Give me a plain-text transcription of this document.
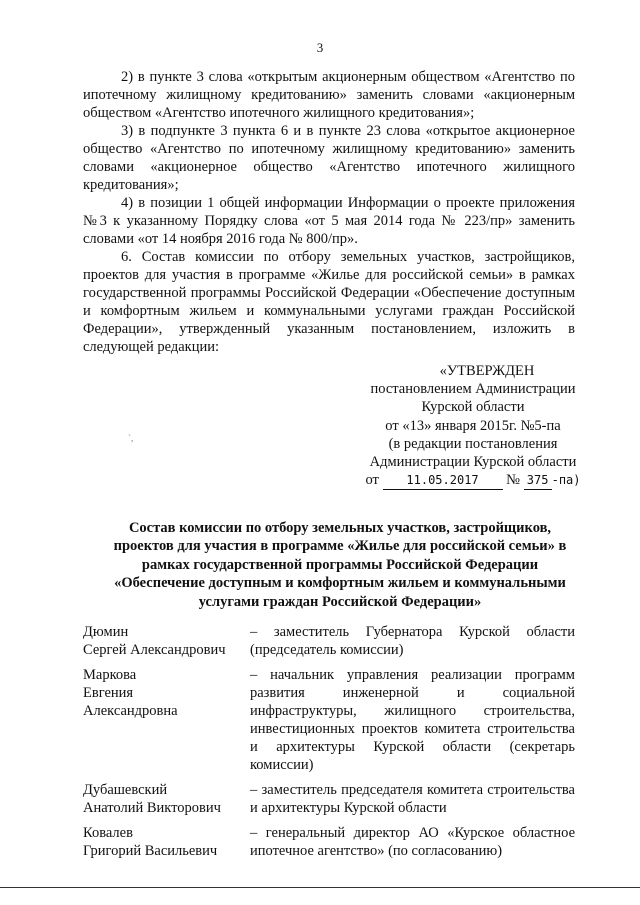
3

2) в пункте 3 слова «открытым акционерным обществом «Агентство по ипотечному жилищному кредитованию» заменить словами «акционерным обществом «Агентство ипотечного жилищного кредитования»;

3) в подпункте 3 пункта 6 и в пункте 23 слова «открытое акционерное общество «Агентство по ипотечному жилищному кредитованию» заменить словами «акционерное общество «Агентство ипотечного жилищного кредитования»;

4) в позиции 1 общей информации Информации о проекте приложения №3 к указанному Порядку слова «от 5 мая 2014 года № 223/пр» заменить словами «от 14 ноября 2016 года № 800/пр».

6. Состав комиссии по отбору земельных участков, застройщиков, проектов для участия в программе «Жилье для российской семьи» в рамках государственной программы Российской Федерации «Обеспечение доступным и комфортным жильем и коммунальными услугами граждан Российской Федерации», утвержденный указанным постановлением, изложить в следующей редакции:

`,
«УТВЕРЖДЕН
постановлением Администрации
Курской области
от «13» января 2015г. №5-па
(в редакции постановления
Администрации Курской области
от 11.05.2017 № 375 -па)
Состав комиссии по отбору земельных участков, застройщиков, проектов для участия в программе «Жилье для российской семьи» в рамках государственной программы Российской Федерации «Обеспечение доступным и комфортным жильем и коммунальными услугами граждан Российской Федерации»
Дюмин
Сергей Александрович
– заместитель Губернатора Курской области (председатель комиссии)
Маркова
Евгения
Александровна
– начальник управления реализации программ развития инженерной и социальной инфраструктуры, жилищного строительства, инвестиционных проектов комитета строительства и архитектуры Курской области (секретарь комиссии)
Дубашевский
Анатолий Викторович
– заместитель председателя комитета строительства и архитектуры Курской области
Ковалев
Григорий Васильевич
– генеральный директор АО «Курское областное ипотечное агентство» (по согласованию)
